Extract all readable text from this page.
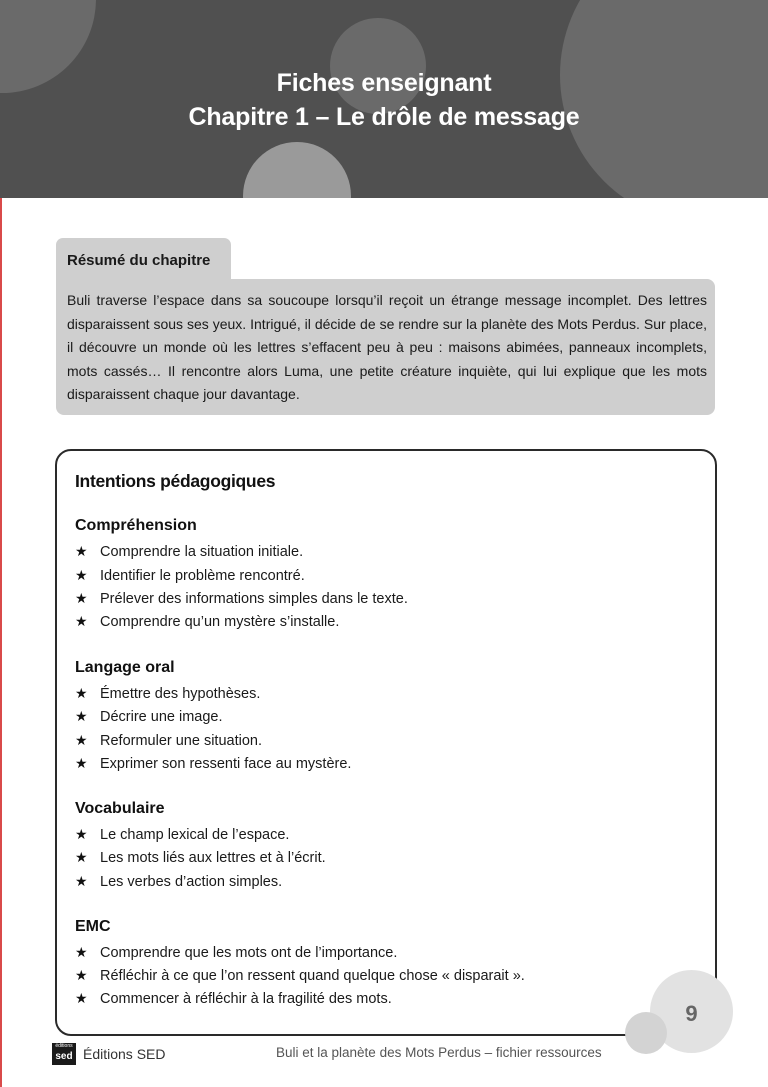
Fiches enseignant
Chapitre 1 – Le drôle de message
Résumé du chapitre
Buli traverse l’espace dans sa soucoupe lorsqu’il reçoit un étrange message incomplet. Des lettres disparaissent sous ses yeux. Intrigué, il décide de se rendre sur la planète des Mots Perdus. Sur place, il découvre un monde où les lettres s’effacent peu à peu : maisons abimées, panneaux incomplets, mots cassés… Il rencontre alors Luma, une petite créature inquiète, qui lui explique que les mots disparaissent chaque jour davantage.
Intentions pédagogiques
Compréhension
★ Comprendre la situation initiale.
★ Identifier le problème rencontré.
★ Prélever des informations simples dans le texte.
★ Comprendre qu’un mystère s’installe.
Langage oral
★ Émettre des hypothèses.
★ Décrire une image.
★ Reformuler une situation.
★ Exprimer son ressenti face au mystère.
Vocabulaire
★ Le champ lexical de l’espace.
★ Les mots liés aux lettres et à l’écrit.
★ Les verbes d’action simples.
EMC
★ Comprendre que les mots ont de l’importance.
★ Réfléchir à ce que l’on ressent quand quelque chose « disparait ».
★ Commencer à réfléchir à la fragilité des mots.
9
éditions
sed Éditions SED	Buli et la planète des Mots Perdus – fichier ressources
